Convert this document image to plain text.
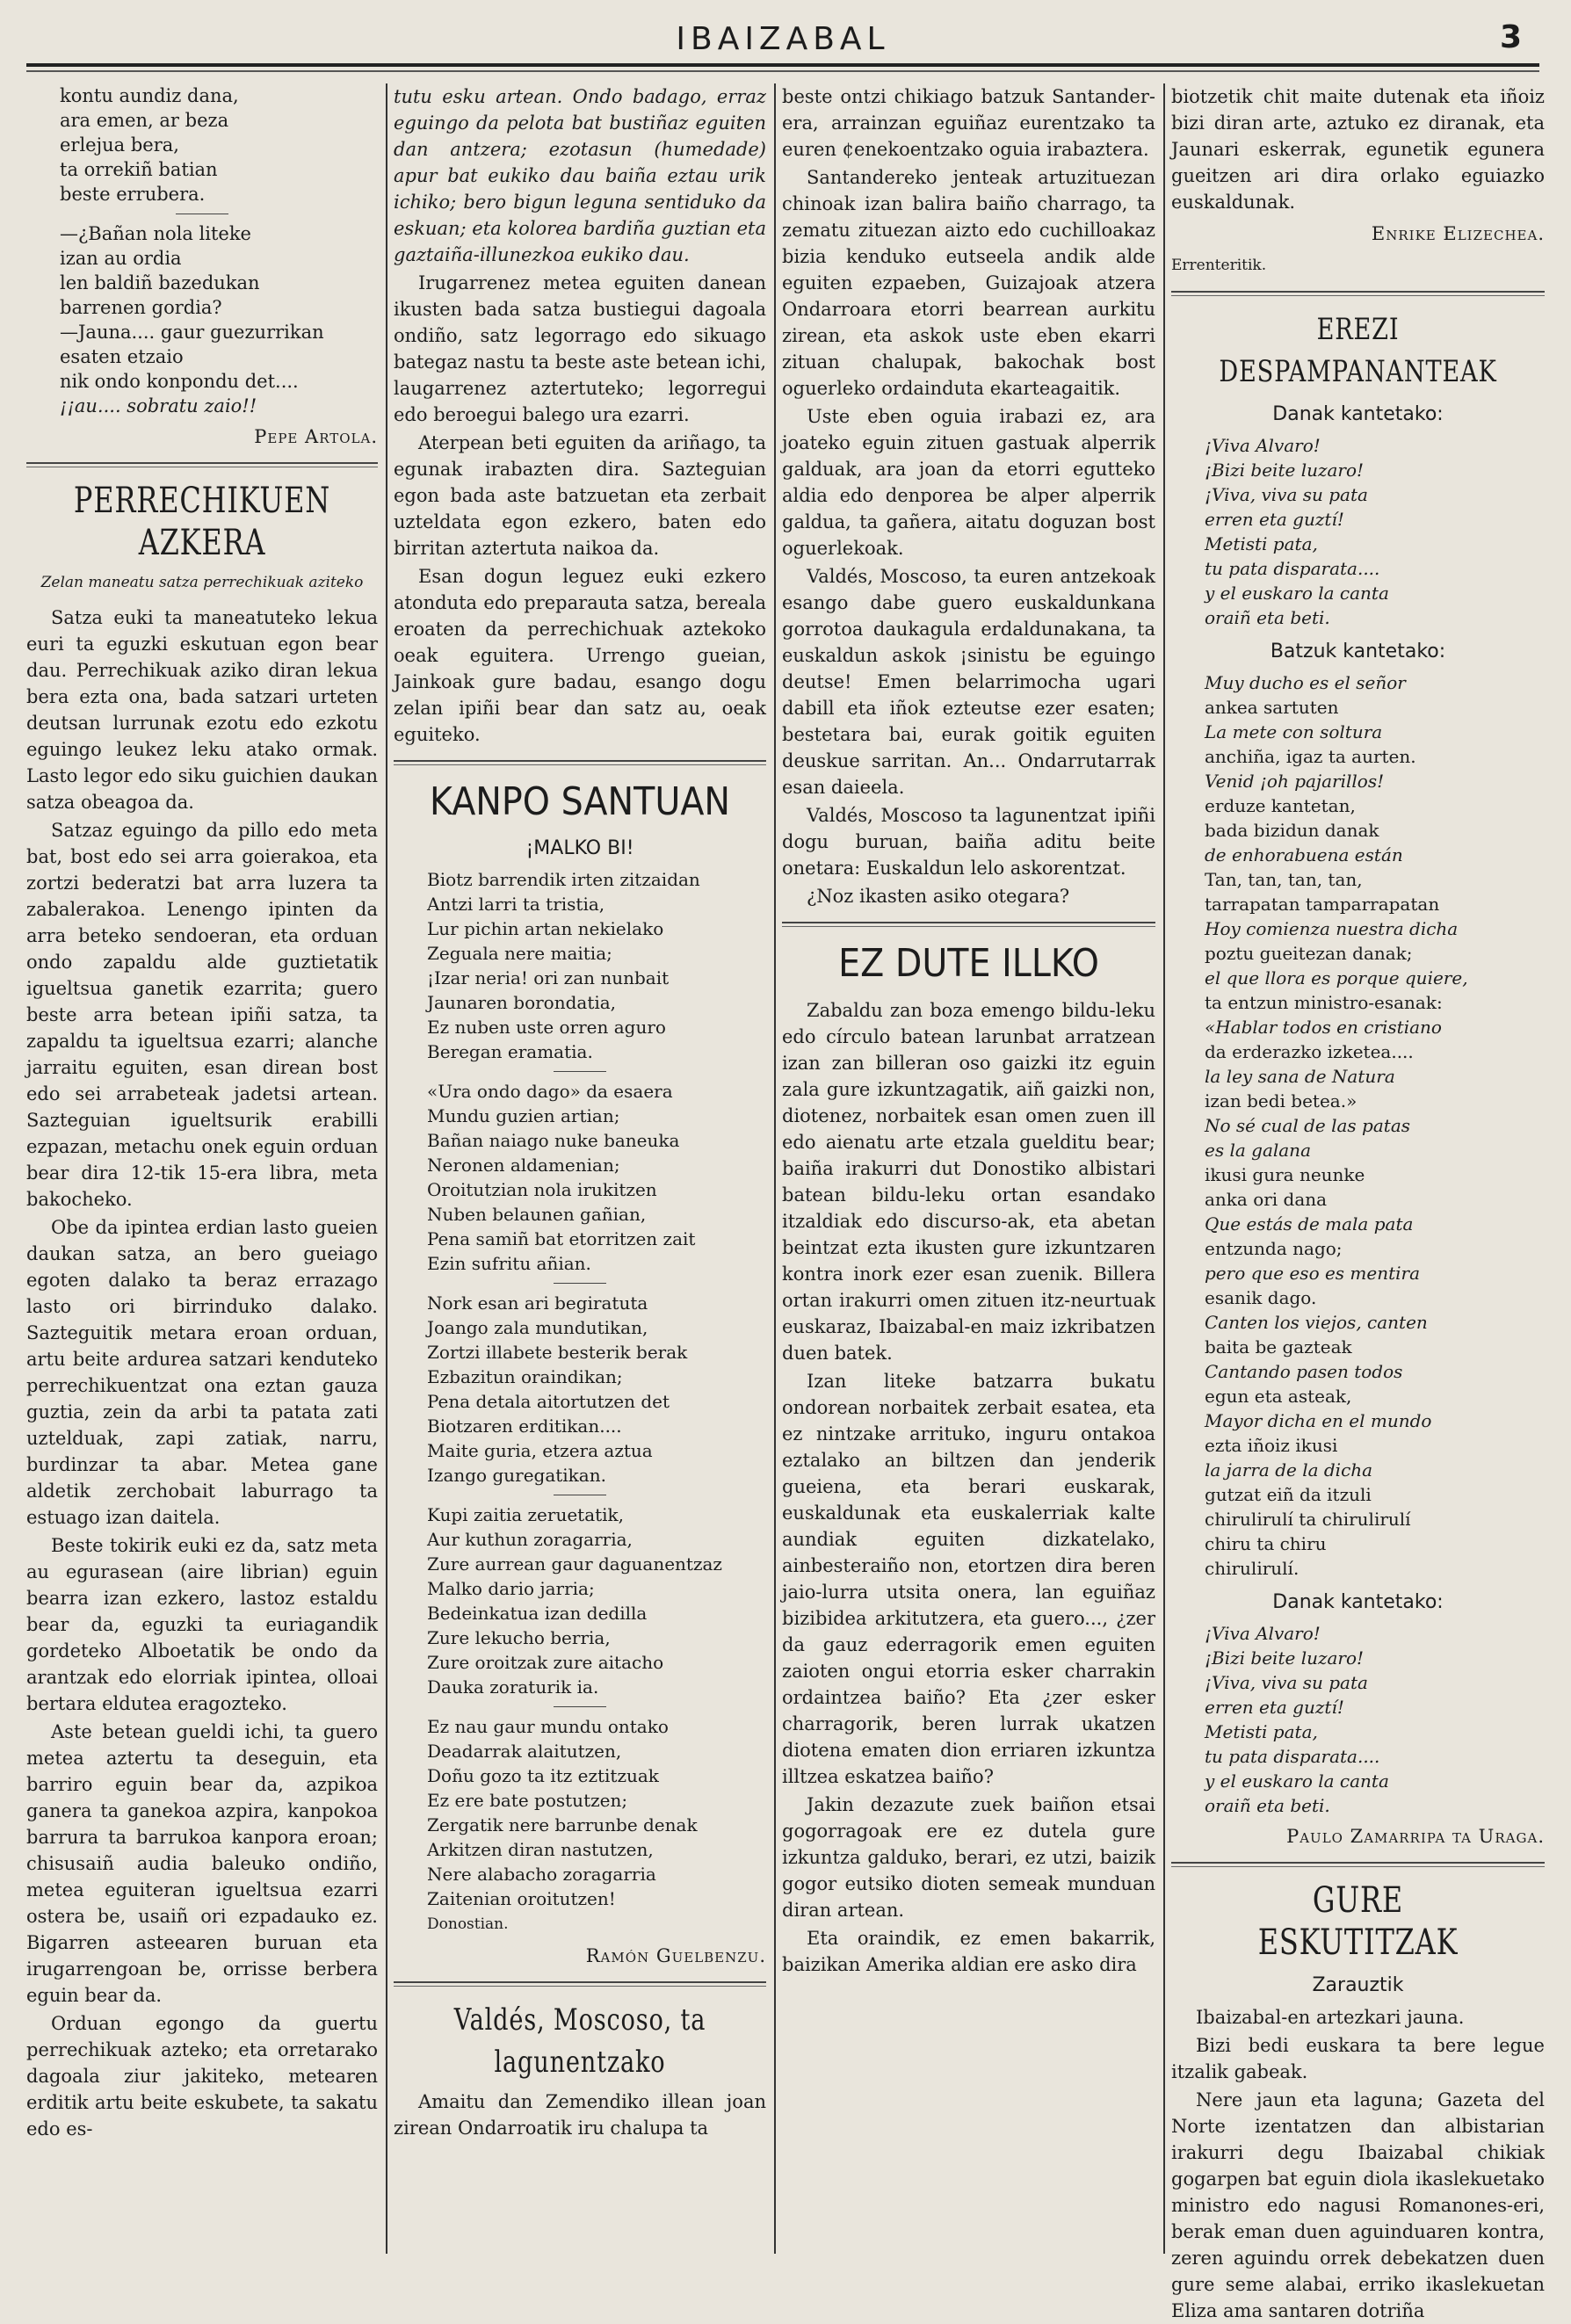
IBAIZABAL	3
kontu aundiz dana,
ara emen, ar beza
erlejua bera,
ta orrekiñ batian
beste errubera.
—¿Bañan nola liteke
izan au ordia
len baldiñ bazedukan
barrenen gordia?
—Jauna.... gaur guezurrikan
esaten etzaio
nik ondo konpondu det....
¡¡au.... sobratu zaio!!
Pepe Artola.
PERRECHIKUEN AZKERA
Zelan maneatu satza perrechikuak aziteko

Satza euki ta maneatuteko lekua euri ta eguzki eskutuan egon bear dau. Perrechikuak aziko diran lekua bera ezta ona, bada satzari urteten deutsan lurrunak ezotu edo ezkotu eguingo leukez leku atako ormak. Lasto legor edo siku guichien daukan satza obeagoa da.

Satzaz eguingo da pillo edo meta bat, bost edo sei arra goierakoa, eta zortzi bederatzi bat arra luzera ta zabalerakoa. Lenengo ipinten da arra beteko sendoeran, eta orduan ondo zapaldu alde guztietatik igueltsua ganetik ezarrita; guero beste arra betean ipiñi satza, ta zapaldu ta igueltsua ezarri; alanche jarraitu eguiten, esan direan bost edo sei arrabeteak jadetsi artean. Sazteguian igueltsurik erabilli ezpazan, metachu onek eguin orduan bear dira 12-tik 15-era libra, meta bakocheko.

Obe da ipintea erdian lasto gueien daukan satza, an bero gueiago egoten dalako ta beraz errazago lasto ori birrinduko dalako. Sazteguitik metara eroan orduan, artu beite ardurea satzari kenduteko perrechikuentzat ona eztan gauza guztia, zein da arbi ta patata zati uztelduak, zapi zatiak, narru, burdinzar ta abar. Metea gane aldetik zerchobait laburrago ta estuago izan daitela.

Beste tokirik euki ez da, satz meta au egurasean (aire librian) eguin bearra izan ezkero, lastoz estaldu bear da, eguzki ta euriagandik gordeteko Alboetatik be ondo da arantzak edo elorriak ipintea, olloai bertara eldutea eragozteko.

Aste betean gueldi ichi, ta guero metea aztertu ta deseguin, eta barriro eguin bear da, azpikoa ganera ta ganekoa azpira, kanpokoa barrura ta barrukoa kanpora eroan; chisusaiñ audia baleuko ondiño, metea eguiteran igueltsua ezarri ostera be, usaiñ ori ezpadauko ez. Bigarren asteearen buruan eta irugarrengoan be, orrisse berbera eguin bear da.

Orduan egongo da guertu perrechikuak azteko; eta orretarako dagoala ziur jakiteko, metearen erditik artu beite eskubete, ta sakatu edo es-

tutu esku artean. Ondo badago, erraz eguingo da pelota bat bustiñaz eguiten dan antzera; ezotasun (humedade) apur bat eukiko dau baiña eztau urik ichiko; bero bigun leguna sentiduko da eskuan; eta kolorea bardiña guztian eta gaztaiña-illunezkoa eukiko dau.

Irugarrenez metea eguiten danean ikusten bada satza bustiegui dagoala ondiño, satz legorrago edo sikuago bategaz nastu ta beste aste betean ichi, laugarrenez aztertuteko; legorregui edo beroegui balego ura ezarri.

Aterpean beti eguiten da ariñago, ta egunak irabazten dira. Sazteguian egon bada aste batzuetan eta zerbait uzteldata egon ezkero, baten edo birritan aztertuta naikoa da.

Esan dogun leguez euki ezkero atonduta edo preparauta satza, bereala eroaten da perrechichuak aztekoko oeak eguitera. Urrengo gueian, Jainkoak gure badau, esango dogu zelan ipiñi bear dan satz au, oeak eguiteko.

KANPO SANTUAN
¡MALKO BI!
Biotz barrendik irten zitzaidan
Antzi larri ta tristia,
Lur pichin artan nekielako
Zeguala nere maitia;
¡Izar neria! ori zan nunbait
Jaunaren borondatia,
Ez nuben uste orren aguro
Beregan eramatia.
«Ura ondo dago» da esaera
Mundu guzien artian;
Bañan naiago nuke baneuka
Neronen aldamenian;
Oroitutzian nola irukitzen
Nuben belaunen gañian,
Pena samiñ bat etorritzen zait
Ezin sufritu añian.
Nork esan ari begiratuta
Joango zala mundutikan,
Zortzi illabete besterik berak
Ezbazitun oraindikan;
Pena detala aitortutzen det
Biotzaren erditikan....
Maite guria, etzera aztua
Izango guregatikan.
Kupi zaitia zeruetatik,
Aur kuthun zoragarria,
Zure aurrean gaur daguanentzaz
Malko dario jarria;
Bedeinkatua izan dedilla
Zure lekucho berria,
Zure oroitzak zure aitacho
Dauka zoraturik ia.
Ez nau gaur mundu ontako
Deadarrak alaitutzen,
Doñu gozo ta itz eztitzuak
Ez ere bate postutzen;
Zergatik nere barrunbe denak
Arkitzen diran nastutzen,
Nere alabacho zoragarria
Zaitenian oroitutzen!
Donostian.
Ramón Guelbenzu.
Valdés, Moscoso, ta lagunentzako

Amaitu dan Zemendiko illean joan zirean Ondarroatik iru chalupa ta

beste ontzi chikiago batzuk Santander-era, arrainzan eguiñaz eurentzako ta euren ¢enekoentzako oguia irabaztera.

Santandereko jenteak artuzituezan chinoak izan balira baiño charrago, ta zematu zituezan aizto edo cuchilloakaz bizia kenduko eutseela andik alde eguiten ezpaeben, Guizajoak atzera Ondarroara etorri bearrean aurkitu zirean, eta askok uste eben ekarri zituan chalupak, bakochak bost oguerleko ordainduta ekarteagaitik.

Uste eben oguia irabazi ez, ara joateko eguin zituen gastuak alperrik galduak, ara joan da etorri egutteko aldia edo denporea be alper alperrik galdua, ta gañera, aitatu doguzan bost oguerlekoak.

Valdés, Moscoso, ta euren antzekoak esango dabe guero euskaldunkana gorrotoa daukagula erdaldunakana, ta euskaldun askok ¡sinistu be eguingo deutse! Emen belarrimocha ugari dabill eta iñok ezteutse ezer esaten; bestetara bai, eurak goitik eguiten deuskue sarritan. An... Ondarrutarrak esan daieela.

Valdés, Moscoso ta lagunentzat ipiñi dogu buruan, baiña aditu beite onetara: Euskaldun lelo askorentzat.

¿Noz ikasten asiko otegara?

EZ DUTE ILLKO

Zabaldu zan boza emengo bildu-leku edo círculo batean larunbat arratzean izan zan billeran oso gaizki itz eguin zala gure izkuntzagatik, aiñ gaizki non, diotenez, norbaitek esan omen zuen ill edo aienatu arte etzala guelditu bear; baiña irakurri dut Donostiko albistari batean bildu-leku ortan esandako itzaldiak edo discurso-ak, eta abetan beintzat ezta ikusten gure izkuntzaren kontra inork ezer esan zuenik. Billera ortan irakurri omen zituen itz-neurtuak euskaraz, Ibaizabal-en maiz izkribatzen duen batek.

Izan liteke batzarra bukatu ondorean norbaitek zerbait esatea, eta ez nintzake arrituko, inguru ontakoa eztalako an biltzen dan jenderik gueiena, eta berari euskarak, euskaldunak eta euskalerriak kalte aundiak eguiten dizkatelako, ainbesteraiño non, etortzen dira beren jaio-lurra utsita onera, lan eguiñaz bizibidea arkitutzera, eta guero..., ¿zer da gauz ederragorik emen eguiten zaioten ongui etorria esker charrakin ordaintzea baiño? Eta ¿zer esker charragorik, beren lurrak ukatzen diotena ematen dion erriaren izkuntza illtzea eskatzea baiño?

Jakin dezazute zuek baiñon etsai gogorragoak ere ez dutela gure izkuntza galduko, berari, ez utzi, baizik gogor eutsiko dioten semeak munduan diran artean.

Eta oraindik, ez emen bakarrik, baizikan Amerika aldian ere asko dira

biotzetik chit maite dutenak eta iñoiz bizi diran arte, aztuko ez diranak, eta Jaunari eskerrak, egunetik egunera gueitzen ari dira orlako eguiazko euskaldunak.

Enrike Elizechea.
Errenteritik.
EREZI DESPAMPANANTEAK
Danak kantetako:
¡Viva Alvaro!
¡Bizi beite luzaro!
¡Viva, viva su pata
erren eta guztí!
Metisti pata,
tu pata disparata....
y el euskaro la canta
oraiñ eta beti.
Batzuk kantetako:
Muy ducho es el señor
ankea sartuten
La mete con soltura
anchiña, igaz ta aurten.
Venid ¡oh pajarillos!
erduze kantetan,
bada bizidun danak
de enhorabuena están
Tan, tan, tan, tan,
tarrapatan tamparrapatan
Hoy comienza nuestra dicha
poztu gueitezan danak;
el que llora es porque quiere,
ta entzun ministro-esanak:
«Hablar todos en cristiano
da erderazko izketea....
la ley sana de Natura
izan bedi betea.»
No sé cual de las patas
es la galana
ikusi gura neunke
anka ori dana
Que estás de mala pata
entzunda nago;
pero que eso es mentira
esanik dago.
Canten los viejos, canten
baita be gazteak
Cantando pasen todos
egun eta asteak,
Mayor dicha en el mundo
ezta iñoiz ikusi
la jarra de la dicha
gutzat eiñ da itzuli
chirulirulí ta chirulirulí
chiru ta chiru
chirulirulí.
Danak kantetako:
¡Viva Alvaro!
¡Bizi beite luzaro!
¡Viva, viva su pata
erren eta guztí!
Metisti pata,
tu pata disparata....
y el euskaro la canta
oraiñ eta beti.
Paulo Zamarripa ta Uraga.
GURE ESKUTITZAK
Zarauztik

Ibaizabal-en artezkari jauna.

Bizi bedi euskara ta bere legue itzalik gabeak.

Nere jaun eta laguna; Gazeta del Norte izentatzen dan albistarian irakurri degu Ibaizabal chikiak gogarpen bat eguin diola ikaslekuetako ministro edo nagusi Romanones-eri, berak eman duen aguinduaren kontra, zeren aguindu orrek debekatzen duen gure seme alabai, erriko ikaslekuetan Eliza ama santaren dotriña
